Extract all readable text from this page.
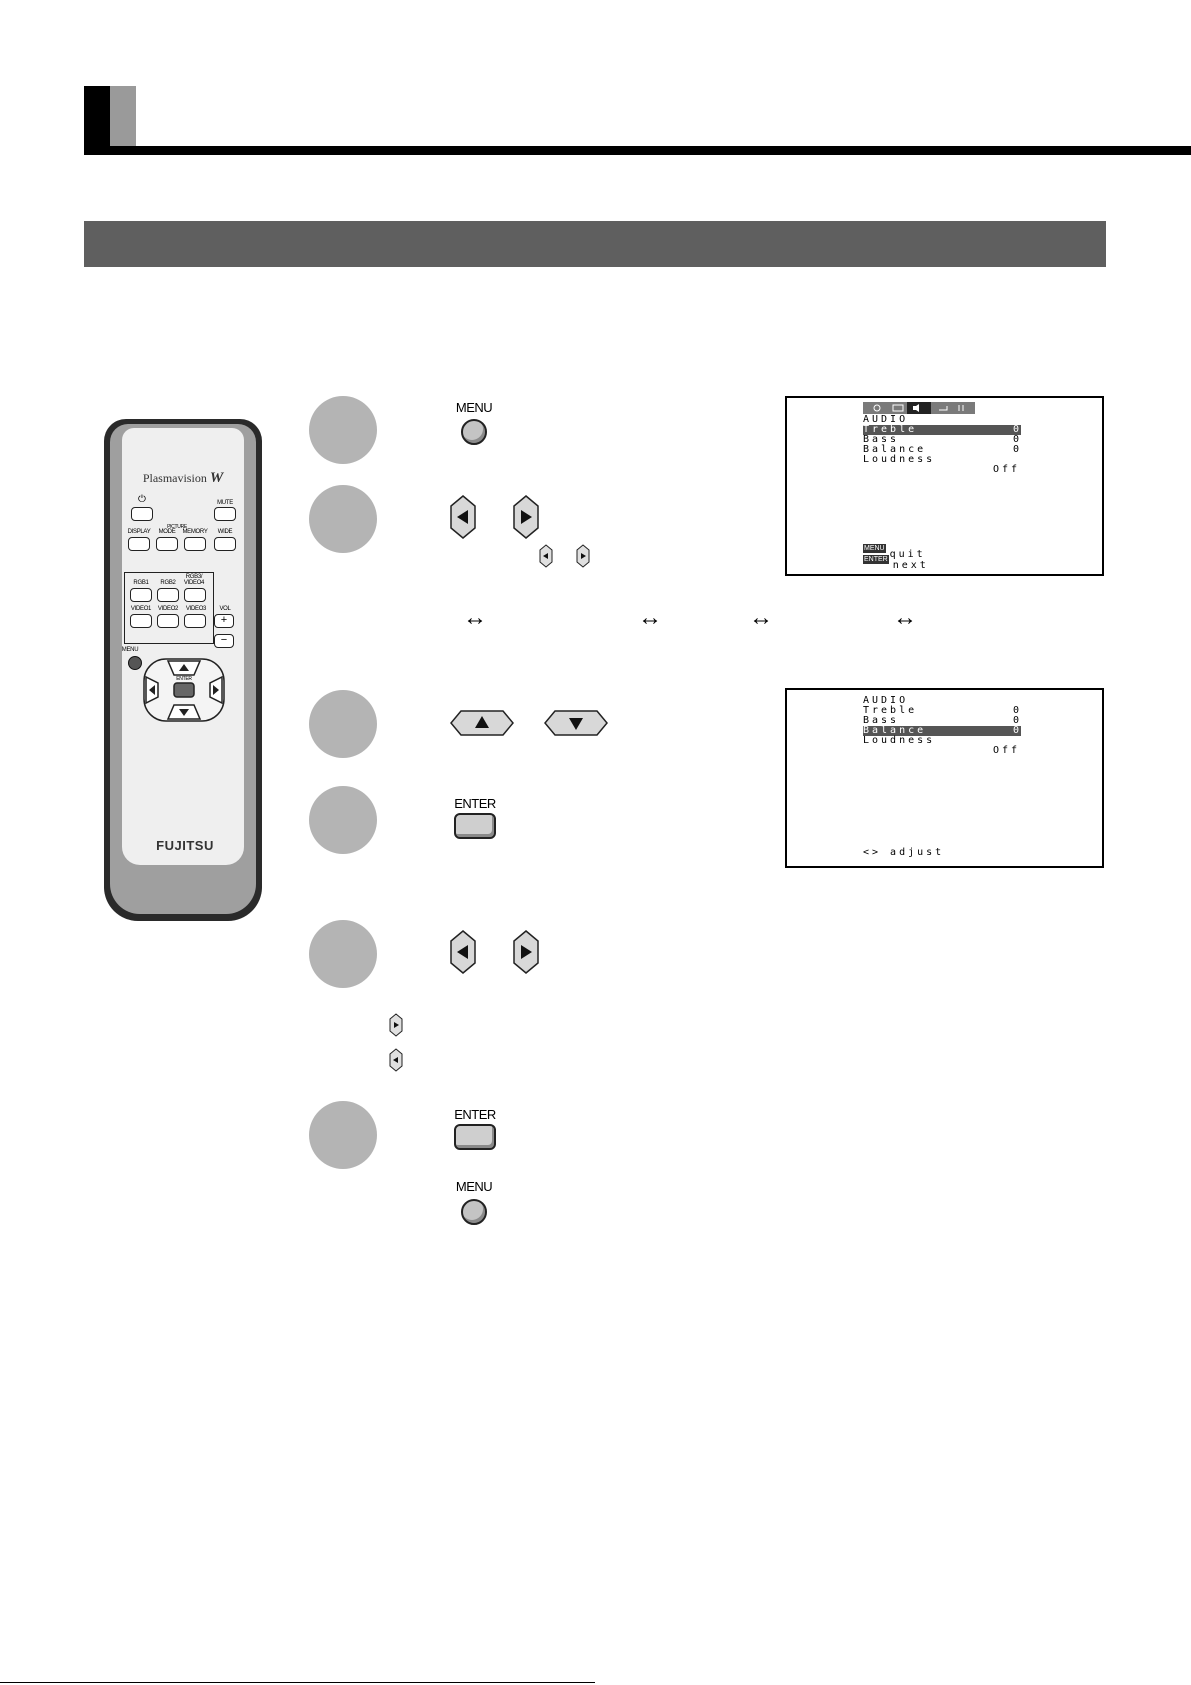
Plasmavision W
⏻	MUTE
PICTURE
DISPLAY	MODE	MEMORY	WIDE
RGB1	RGB2
RGB3/ VIDEO4
VIDEO1	VIDEO2	VIDEO3	VOL
+
−
MENU
ENTER
FUJITSU
MENU
↔	↔	↔	↔
ENTER
ENTER
MENU
AUDIO
Treble	0
Bass	0
Balance	0
Loudness
Off
MENUquit
ENTERnext
AUDIO
Treble	0
Bass	0
Balance	0
Loudness
Off
<> adjust
